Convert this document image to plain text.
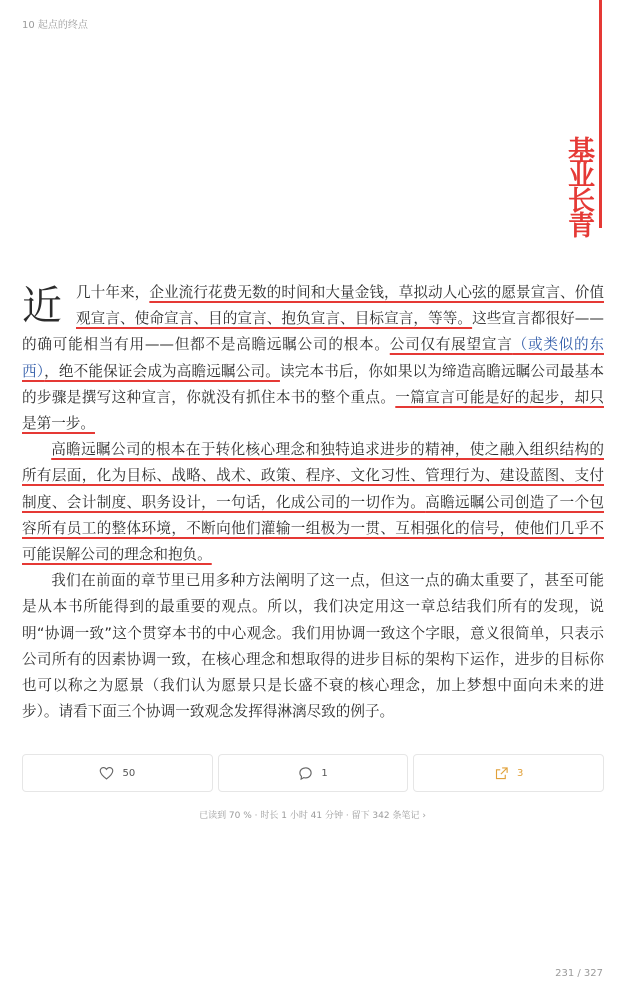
10 起点的终点
基业长青

近几十年来，企业流行花费无数的时间和大量金钱，草拟动人心弦的愿景宣言、价值观宣言、使命宣言、目的宣言、抱负宣言、目标宣言，等等。这些宣言都很好——的确可能相当有用——但都不是高瞻远瞩公司的根本。公司仅有展望宣言（或类似的东西），绝不能保证会成为高瞻远瞩公司。读完本书后，你如果以为缔造高瞻远瞩公司最基本的步骤是撰写这种宣言，你就没有抓住本书的整个重点。一篇宣言可能是好的起步，却只是第一步。

高瞻远瞩公司的根本在于转化核心理念和独特追求进步的精神，使之融入组织结构的所有层面，化为目标、战略、战术、政策、程序、文化习性、管理行为、建设蓝图、支付制度、会计制度、职务设计，一句话，化成公司的一切作为。高瞻远瞩公司创造了一个包容所有员工的整体环境，不断向他们灌输一组极为一贯、互相强化的信号，使他们几乎不可能误解公司的理念和抱负。

我们在前面的章节里已用多种方法阐明了这一点，但这一点的确太重要了，甚至可能是从本书所能得到的最重要的观点。所以，我们决定用这一章总结我们所有的发现，说明“协调一致”这个贯穿本书的中心观念。我们用协调一致这个字眼，意义很简单，只表示公司所有的因素协调一致，在核心理念和想取得的进步目标的架构下运作，进步的目标你也可以称之为愿景（我们认为愿景只是长盛不衰的核心理念，加上梦想中面向未来的进步）。请看下面三个协调一致观念发挥得淋漓尽致的例子。

50	1	3
已读到 70 % · 时长 1 小时 41 分钟 · 留下 342 条笔记 ›
231 / 327
